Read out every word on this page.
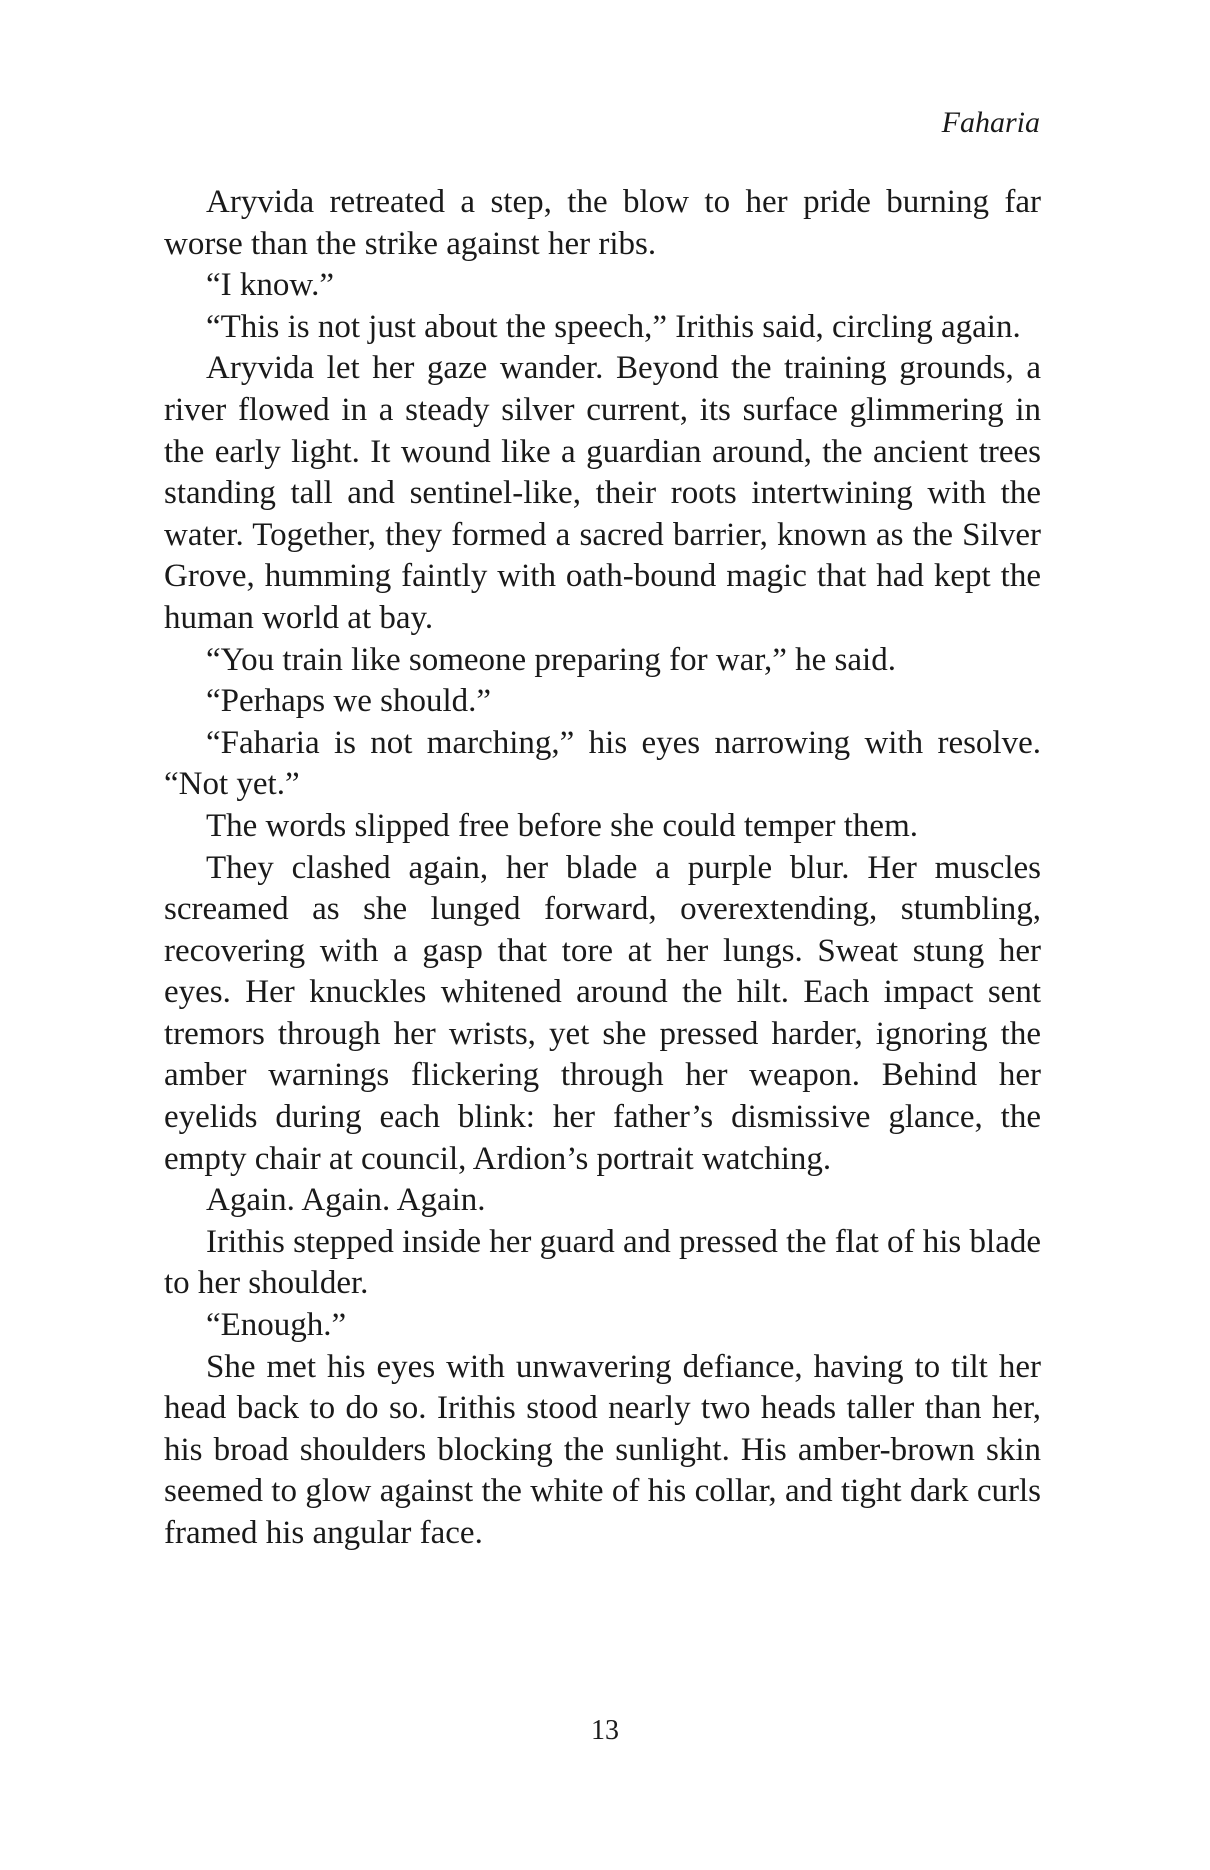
Faharia

Aryvida retreated a step, the blow to her pride burning far worse than the strike against her ribs.

“I know.”

“This is not just about the speech,” Irithis said, circling again.

Aryvida let her gaze wander. Beyond the training grounds, a river flowed in a steady silver current, its surface glimmering in the early light. It wound like a guardian around, the ancient trees standing tall and sentinel-like, their roots intertwining with the water. Together, they formed a sacred barrier, known as the Silver Grove, humming faintly with oath-bound magic that had kept the human world at bay.

“You train like someone preparing for war,” he said.

“Perhaps we should.”

“Faharia is not marching,” his eyes narrowing with resolve. “Not yet.”

The words slipped free before she could temper them.

They clashed again, her blade a purple blur. Her muscles screamed as she lunged forward, overextending, stumbling, recovering with a gasp that tore at her lungs. Sweat stung her eyes. Her knuckles whitened around the hilt. Each impact sent tremors through her wrists, yet she pressed harder, ignoring the amber warnings flickering through her weapon. Behind her eyelids during each blink: her father’s dismissive glance, the empty chair at council, Ardion’s portrait watching.

Again. Again. Again.

Irithis stepped inside her guard and pressed the flat of his blade to her shoulder.

“Enough.”

She met his eyes with unwavering defiance, having to tilt her head back to do so. Irithis stood nearly two heads taller than her, his broad shoulders blocking the sunlight. His amber-brown skin seemed to glow against the white of his collar, and tight dark curls framed his angular face.

13
